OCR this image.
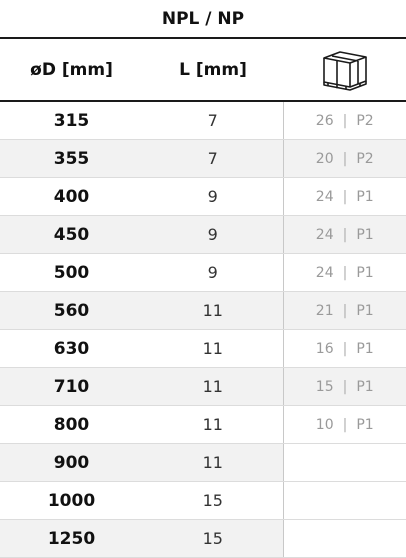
NPL / NP
øD [mm]	L [mm]	
315	7	26 | P2
355	7	20 | P2
400	9	24 | P1
450	9	24 | P1
500	9	24 | P1
560	11	21 | P1
630	11	16 | P1
710	11	15 | P1
800	11	10 | P1
900	11	
1000	15	
1250	15	
